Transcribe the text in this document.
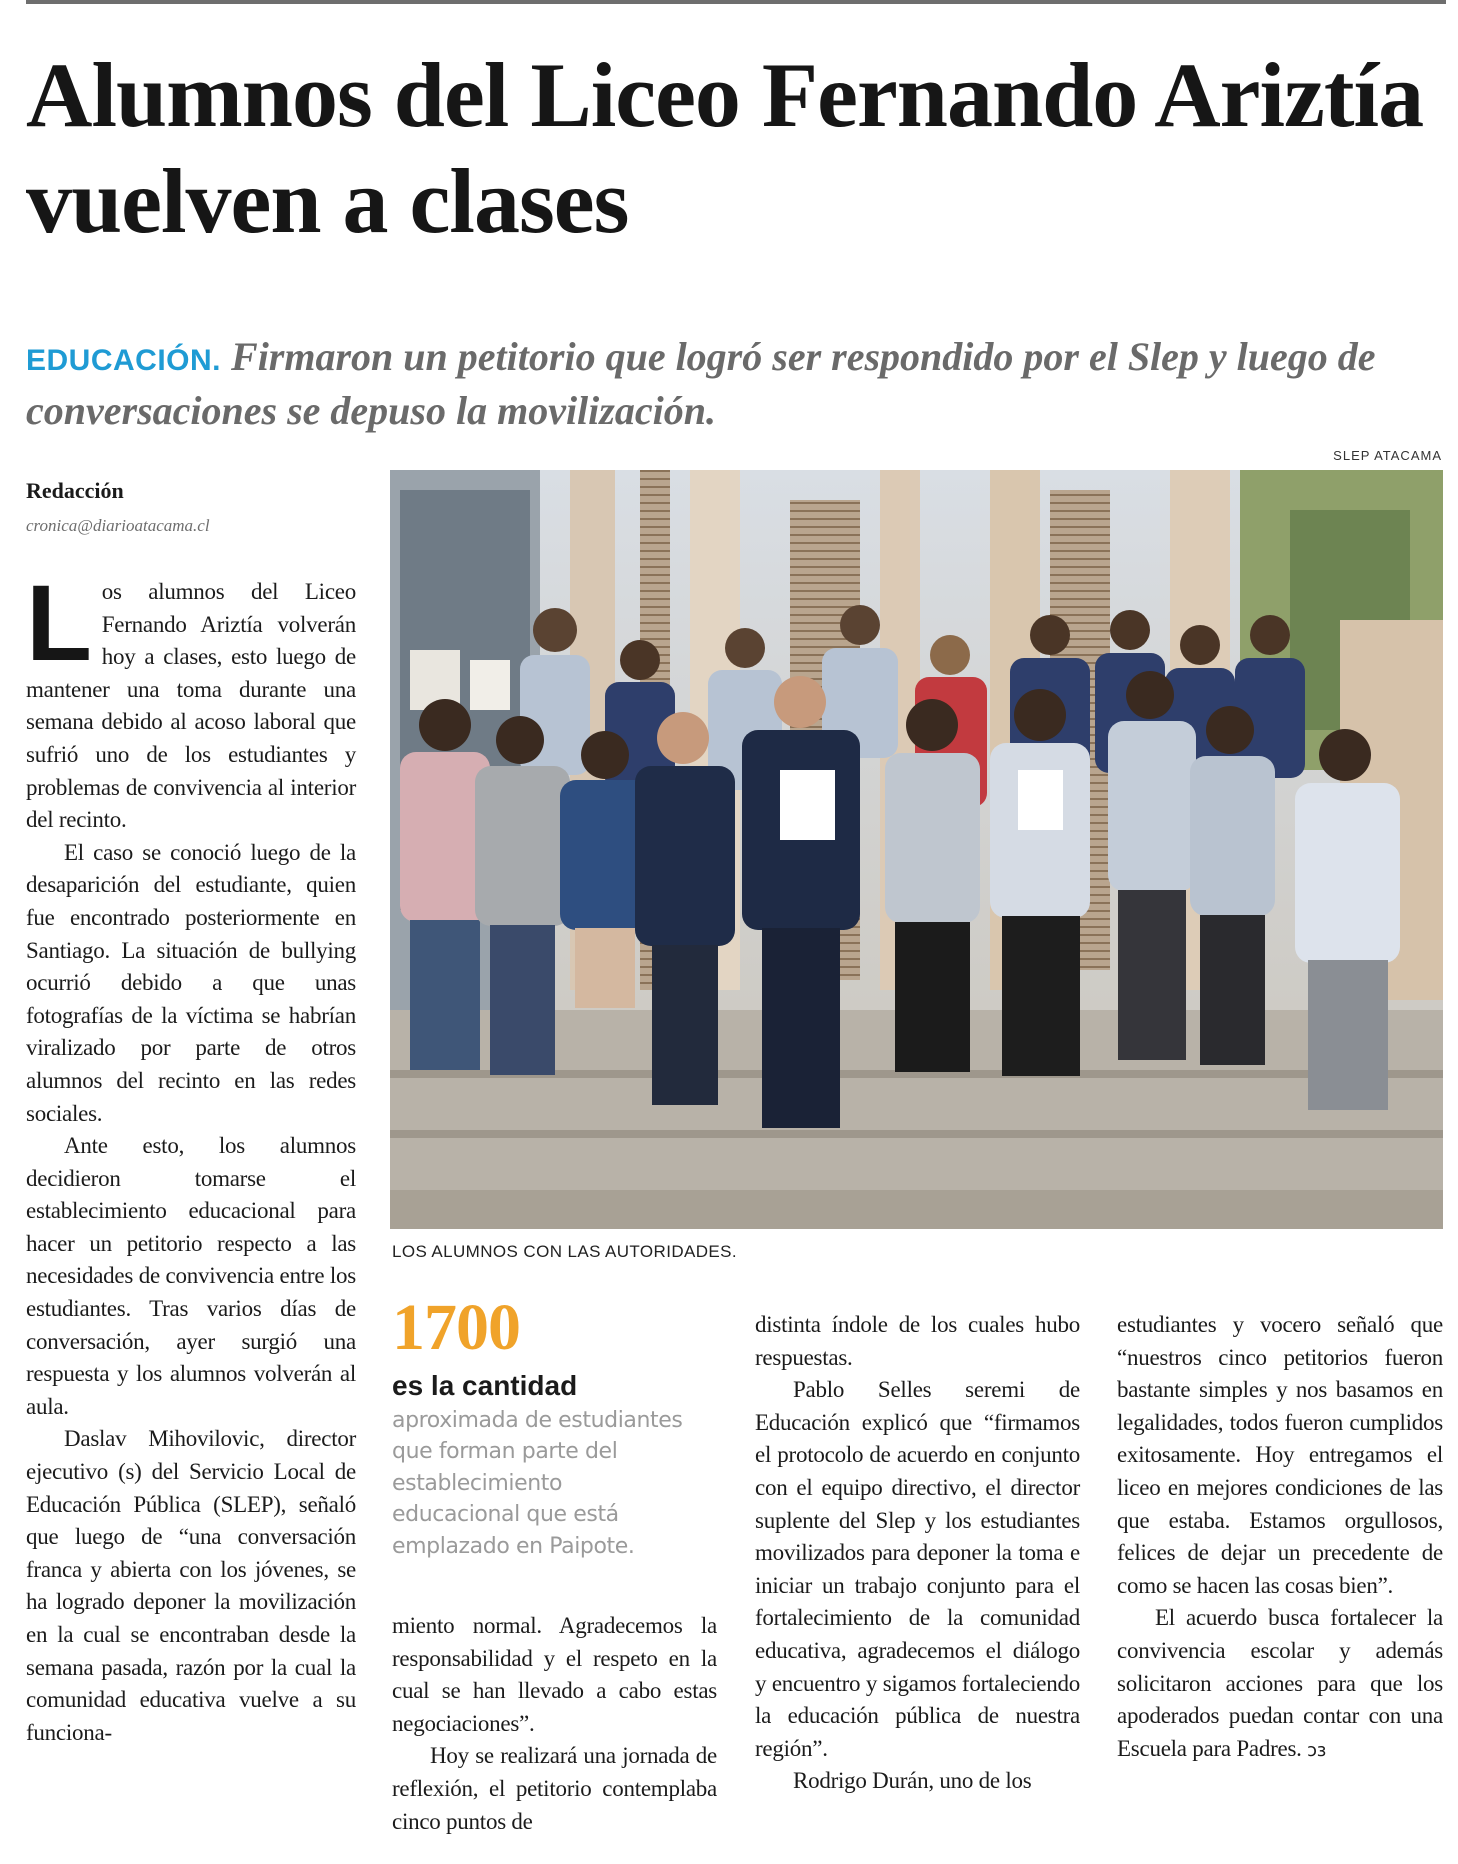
Alumnos del Liceo Fernando Ariztía vuelven a clases

EDUCACIÓN. Firmaron un petitorio que logró ser respondido por el Slep y luego de conversaciones se depuso la movilización.

SLEP ATACAMA
LOS ALUMNOS CON LAS AUTORIDADES.
Redacción
cronica@diarioatacama.cl

Los alumnos del Liceo Fernando Ariztía volverán hoy a clases, esto luego de mantener una toma durante una semana debido al acoso laboral que sufrió uno de los estudiantes y problemas de convivencia al interior del recinto.

El caso se conoció luego de la desaparición del estudiante, quien fue encontrado posteriormente en Santiago. La situación de bullying ocurrió debido a que unas fotografías de la víctima se habrían viralizado por parte de otros alumnos del recinto en las redes sociales.

Ante esto, los alumnos decidieron tomarse el establecimiento educacional para hacer un petitorio respecto a las necesidades de convivencia entre los estudiantes. Tras varios días de conversación, ayer surgió una respuesta y los alumnos volverán al aula.

Daslav Mihovilovic, director ejecutivo (s) del Servicio Local de Educación Pública (SLEP), señaló que luego de “una conversación franca y abierta con los jóvenes, se ha logrado deponer la movilización en la cual se encontraban desde la semana pasada, razón por la cual la comunidad educativa vuelve a su funciona-

1700

es la cantidad aproximada de estudiantes que forman parte del establecimiento educacional que está emplazado en Paipote.

miento normal. Agradecemos la responsabilidad y el respeto en la cual se han llevado a cabo estas negociaciones”.

Hoy se realizará una jornada de reflexión, el petitorio contemplaba cinco puntos de

distinta índole de los cuales hubo respuestas.

Pablo Selles seremi de Educación explicó que “firmamos el protocolo de acuerdo en conjunto con el equipo directivo, el director suplente del Slep y los estudiantes movilizados para deponer la toma e iniciar un trabajo conjunto para el fortalecimiento de la comunidad educativa, agradecemos el diálogo y encuentro y sigamos fortaleciendo la educación pública de nuestra región”.

Rodrigo Durán, uno de los

estudiantes y vocero señaló que “nuestros cinco petitorios fueron bastante simples y nos basamos en legalidades, todos fueron cumplidos exitosamente. Hoy entregamos el liceo en mejores condiciones de las que estaba. Estamos orgullosos, felices de dejar un precedente de como se hacen las cosas bien”.

El acuerdo busca fortalecer la convivencia escolar y además solicitaron acciones para que los apoderados puedan contar con una Escuela para Padres. ↄз
